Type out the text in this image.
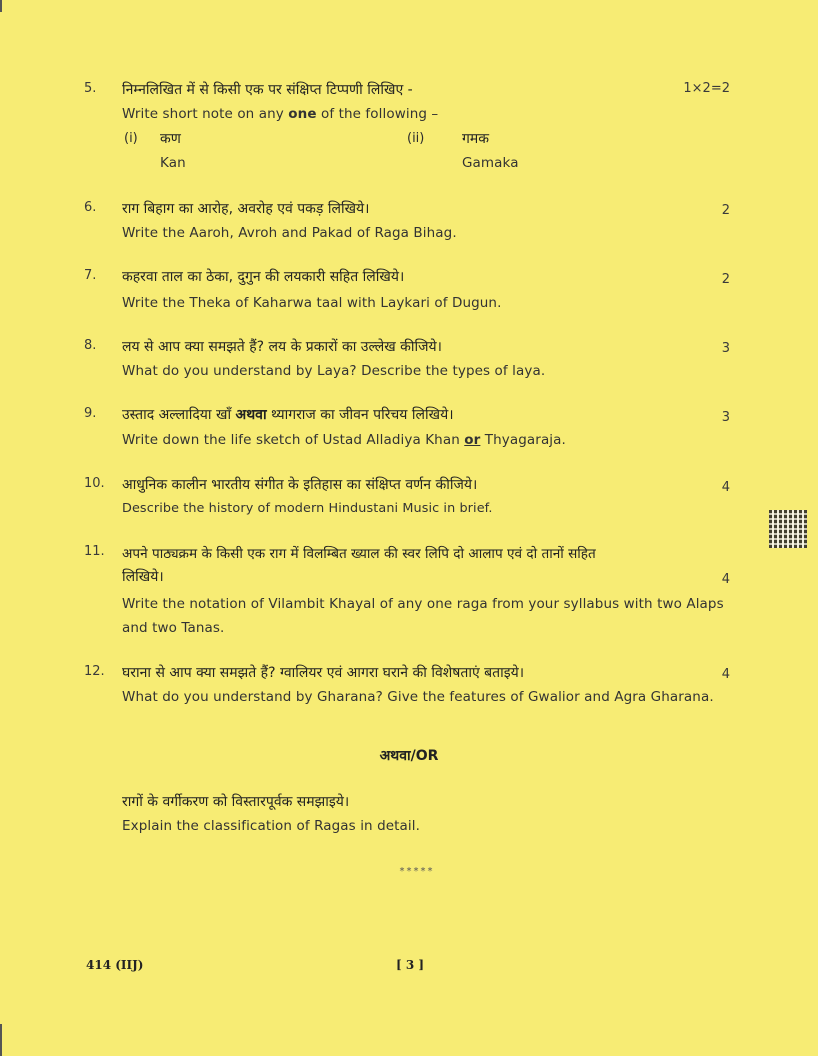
5. निम्नलिखित में से किसी एक पर संक्षिप्त टिप्पणी लिखिए -	1×2=2
Write short note on any one of the following –
(i) कण
Kan
(ii)	गमक
Gamaka
6. राग बिहाग का आरोह, अवरोह एवं पकड़ लिखिये।	2
Write the Aaroh, Avroh and Pakad of Raga Bihag.
7. कहरवा ताल का ठेका, दुगुन की लयकारी सहित लिखिये।	2
Write the Theka of Kaharwa taal with Laykari of Dugun.
8. लय से आप क्या समझते हैं? लय के प्रकारों का उल्लेख कीजिये।	3
What do you understand by Laya? Describe the types of laya.
9. उस्ताद अल्लादिया खाँ अथवा थ्यागराज का जीवन परिचय लिखिये।	3
Write down the life sketch of Ustad Alladiya Khan or Thyagaraja.
10. आधुनिक कालीन भारतीय संगीत के इतिहास का संक्षिप्त वर्णन कीजिये।	4
Describe the history of modern Hindustani Music in brief.
11. अपने पाठ्यक्रम के किसी एक राग में विलम्बित ख्याल की स्वर लिपि दो आलाप एवं दो तानों सहित
लिखिये।	4
Write the notation of Vilambit Khayal of any one raga from your syllabus with two Alaps and two Tanas.
12. घराना से आप क्या समझते हैं? ग्वालियर एवं आगरा घराने की विशेषताएं बताइये।	4
What do you understand by Gharana? Give the features of Gwalior and Agra Gharana.
अथवा/OR
रागों के वर्गीकरण को विस्तारपूर्वक समझाइये।
Explain the classification of Ragas in detail.
*****
414 (IIJ)	[ 3 ]
